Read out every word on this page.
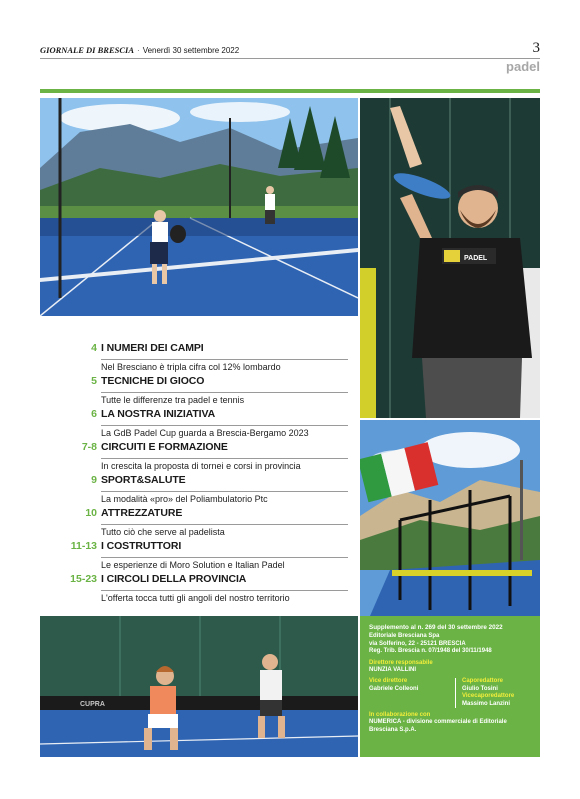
GIORNALE DI BRESCIA · Venerdì 30 settembre 2022	3
padel
PADEL
CUPRA
4 I NUMERI DEI CAMPI
Nel Bresciano è tripla cifra col 12% lombardo
5 TECNICHE DI GIOCO
Tutte le differenze tra padel e tennis
6 LA NOSTRA INIZIATIVA
La GdB Padel Cup guarda a Brescia-Bergamo 2023
7-8 CIRCUITI E FORMAZIONE
In crescita la proposta di tornei e corsi in provincia
9 SPORT&SALUTE
La modalità «pro» del Poliambulatorio Ptc
10 ATTREZZATURE
Tutto ciò che serve al padelista
11-13 I COSTRUTTORI
Le esperienze di Moro Solution e Italian Padel
15-23 I CIRCOLI DELLA PROVINCIA
L'offerta tocca tutti gli angoli del nostro territorio
Supplemento al n. 269 del 30 settembre 2022
Editoriale Bresciana Spa
via Solferino, 22 - 25121 BRESCIA
Reg. Trib. Brescia n. 07/1948 del 30/11/1948
Direttore responsabile
NUNZIA VALLINI
Vice direttore
Gabriele Colleoni
Caporedattore
Giulio Tosini
Vicecaporedattore
Massimo Lanzini
In collaborazione con
NUMERICA - divisione commerciale di Editoriale Bresciana S.p.A.
